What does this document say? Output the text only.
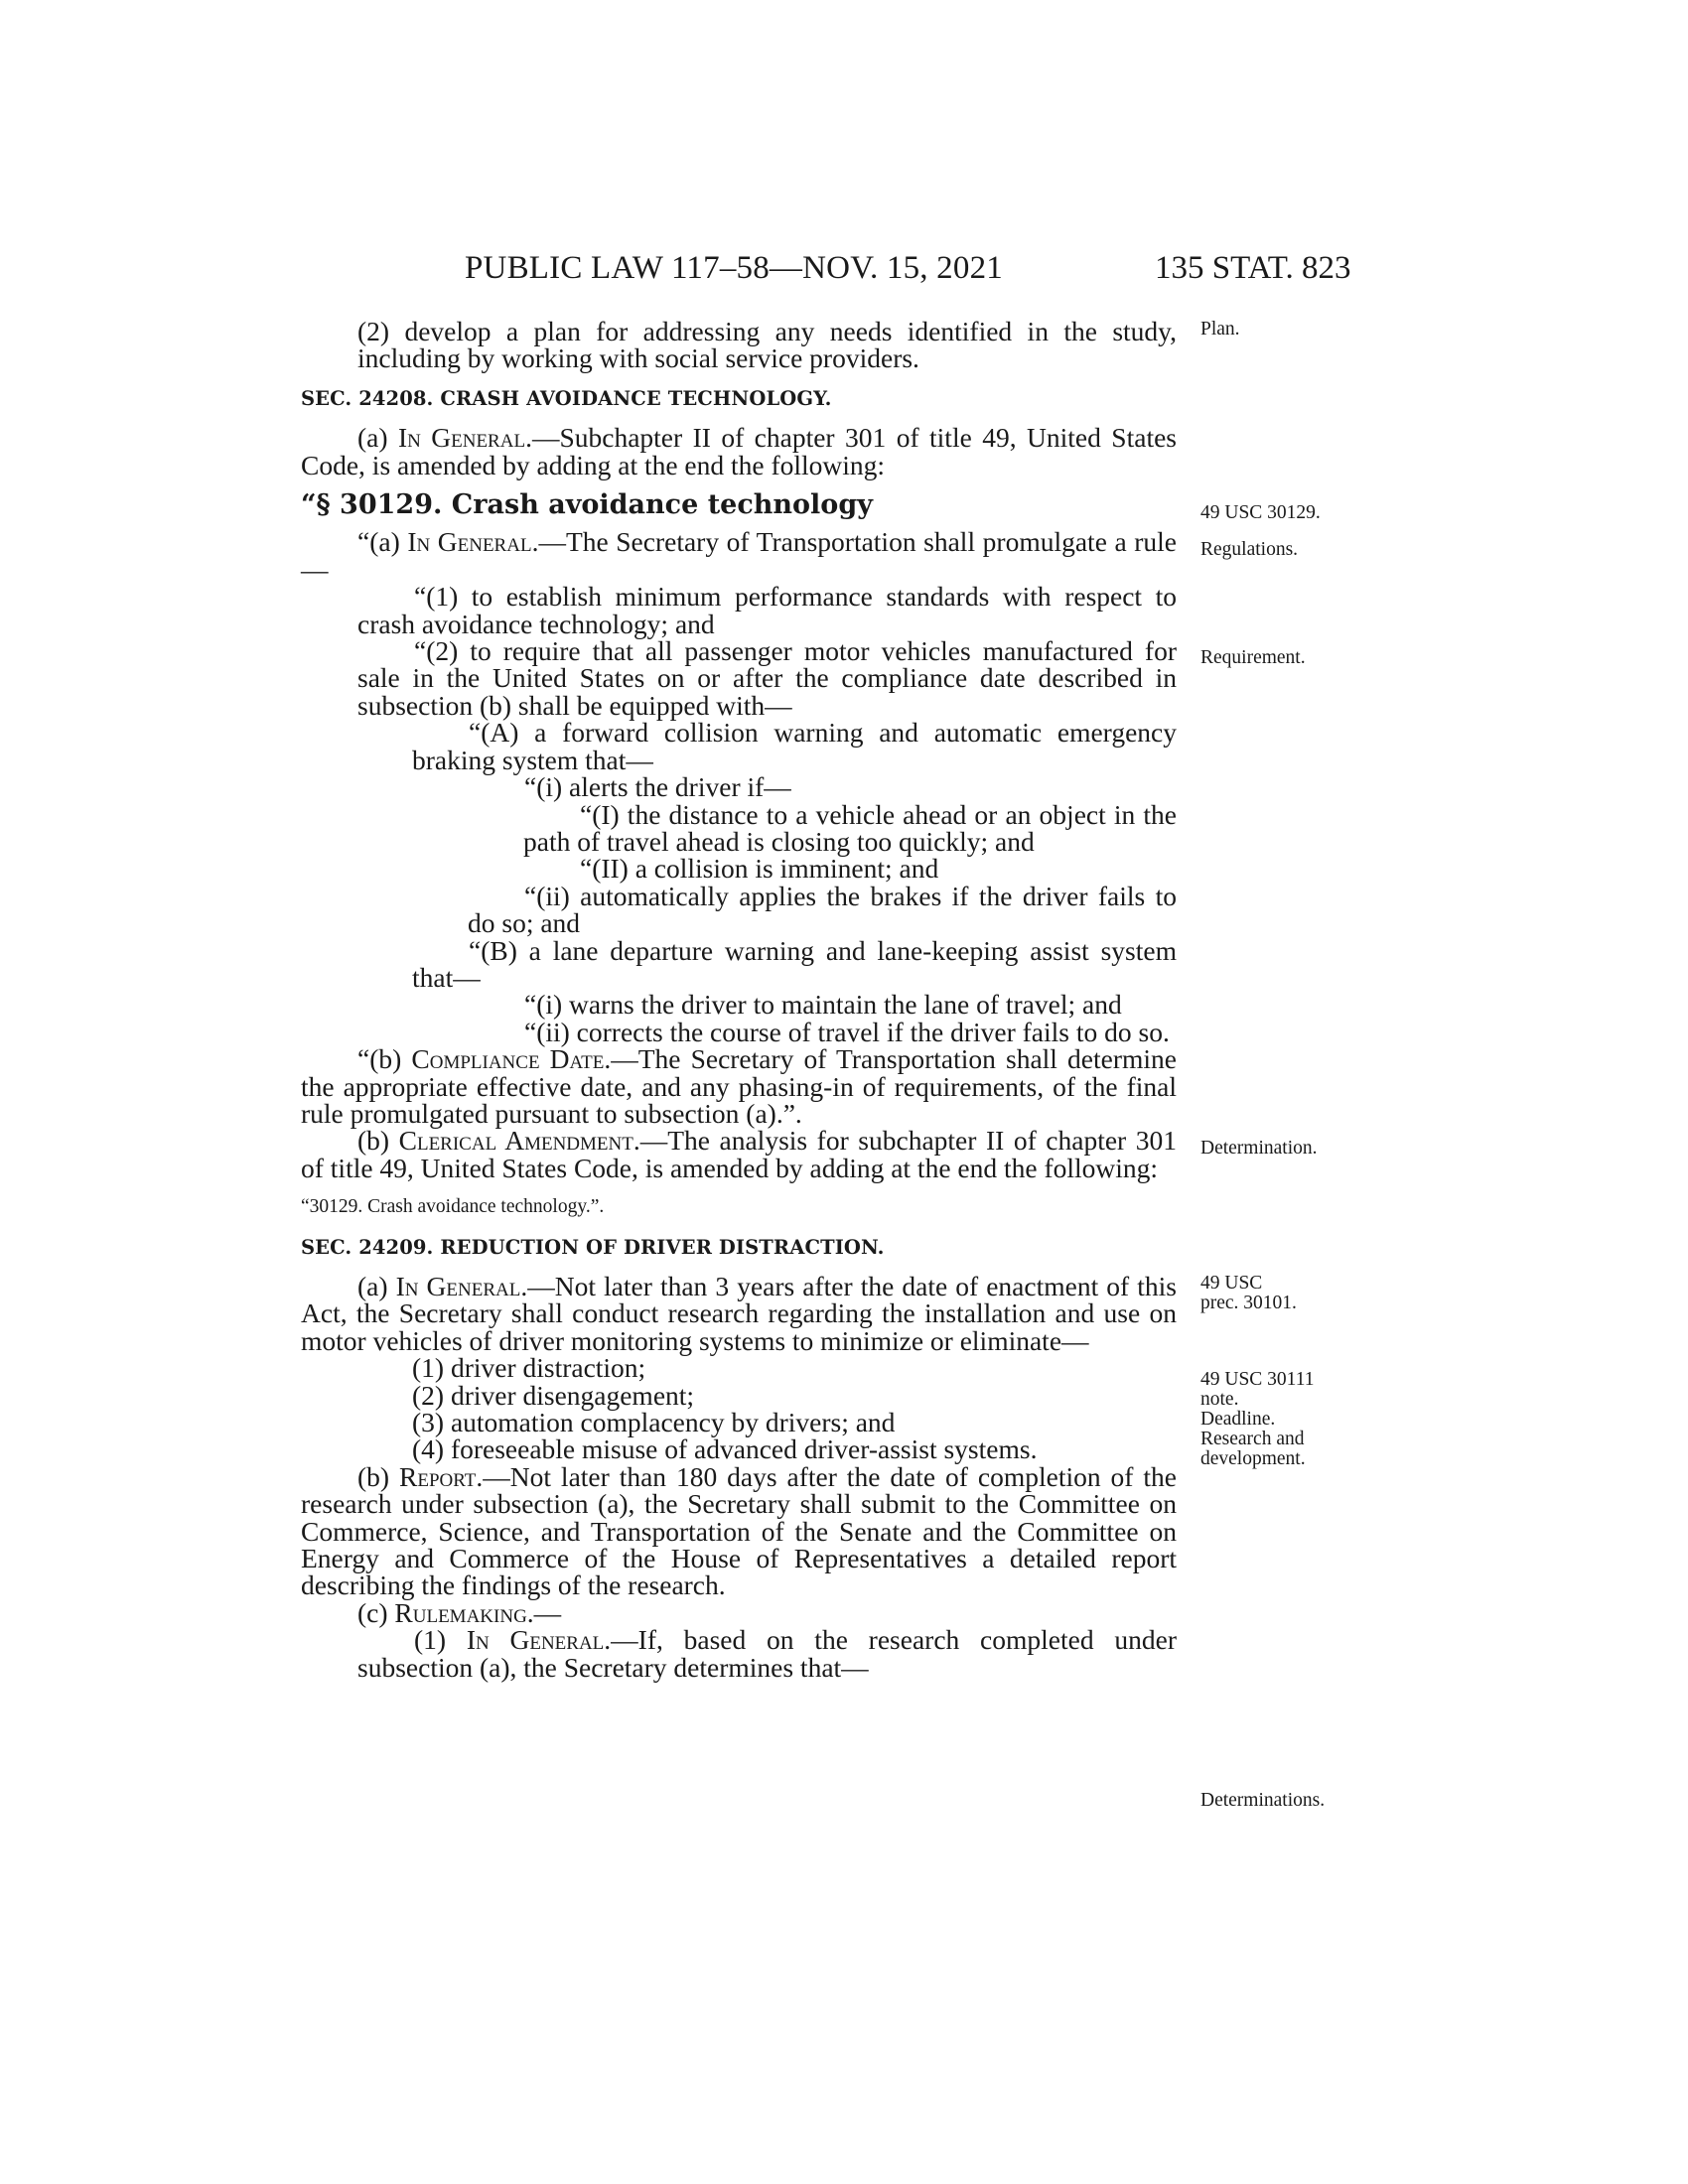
PUBLIC LAW 117–58—NOV. 15, 2021	135 STAT. 823

(2) develop a plan for addressing any needs identified in the study, including by working with social service providers.

SEC. 24208. CRASH AVOIDANCE TECHNOLOGY.

(a) In General.—Subchapter II of chapter 301 of title 49, United States Code, is amended by adding at the end the following:

“§ 30129. Crash avoidance technology

“(a) In General.—The Secretary of Transportation shall promulgate a rule—

“(1) to establish minimum performance standards with respect to crash avoidance technology; and

“(2) to require that all passenger motor vehicles manufactured for sale in the United States on or after the compliance date described in subsection (b) shall be equipped with—

“(A) a forward collision warning and automatic emergency braking system that—

“(i) alerts the driver if—

“(I) the distance to a vehicle ahead or an object in the path of travel ahead is closing too quickly; and

“(II) a collision is imminent; and

“(ii) automatically applies the brakes if the driver fails to do so; and

“(B) a lane departure warning and lane-keeping assist system that—

“(i) warns the driver to maintain the lane of travel; and

“(ii) corrects the course of travel if the driver fails to do so.

“(b) Compliance Date.—The Secretary of Transportation shall determine the appropriate effective date, and any phasing-in of requirements, of the final rule promulgated pursuant to subsection (a).”.

(b) Clerical Amendment.—The analysis for subchapter II of chapter 301 of title 49, United States Code, is amended by adding at the end the following:

“30129. Crash avoidance technology.”.
SEC. 24209. REDUCTION OF DRIVER DISTRACTION.

(a) In General.—Not later than 3 years after the date of enactment of this Act, the Secretary shall conduct research regarding the installation and use on motor vehicles of driver monitoring systems to minimize or eliminate—

(1) driver distraction;

(2) driver disengagement;

(3) automation complacency by drivers; and

(4) foreseeable misuse of advanced driver-assist systems.

(b) Report.—Not later than 180 days after the date of completion of the research under subsection (a), the Secretary shall submit to the Committee on Commerce, Science, and Transportation of the Senate and the Committee on Energy and Commerce of the House of Representatives a detailed report describing the findings of the research.

(c) Rulemaking.—

(1) In General.—If, based on the research completed under subsection (a), the Secretary determines that—

Plan.
49 USC 30129.
Regulations.
Requirement.
Determination.
49 USC
prec. 30101.
49 USC 30111
note.
Deadline.
Research and
development.
Determinations.
